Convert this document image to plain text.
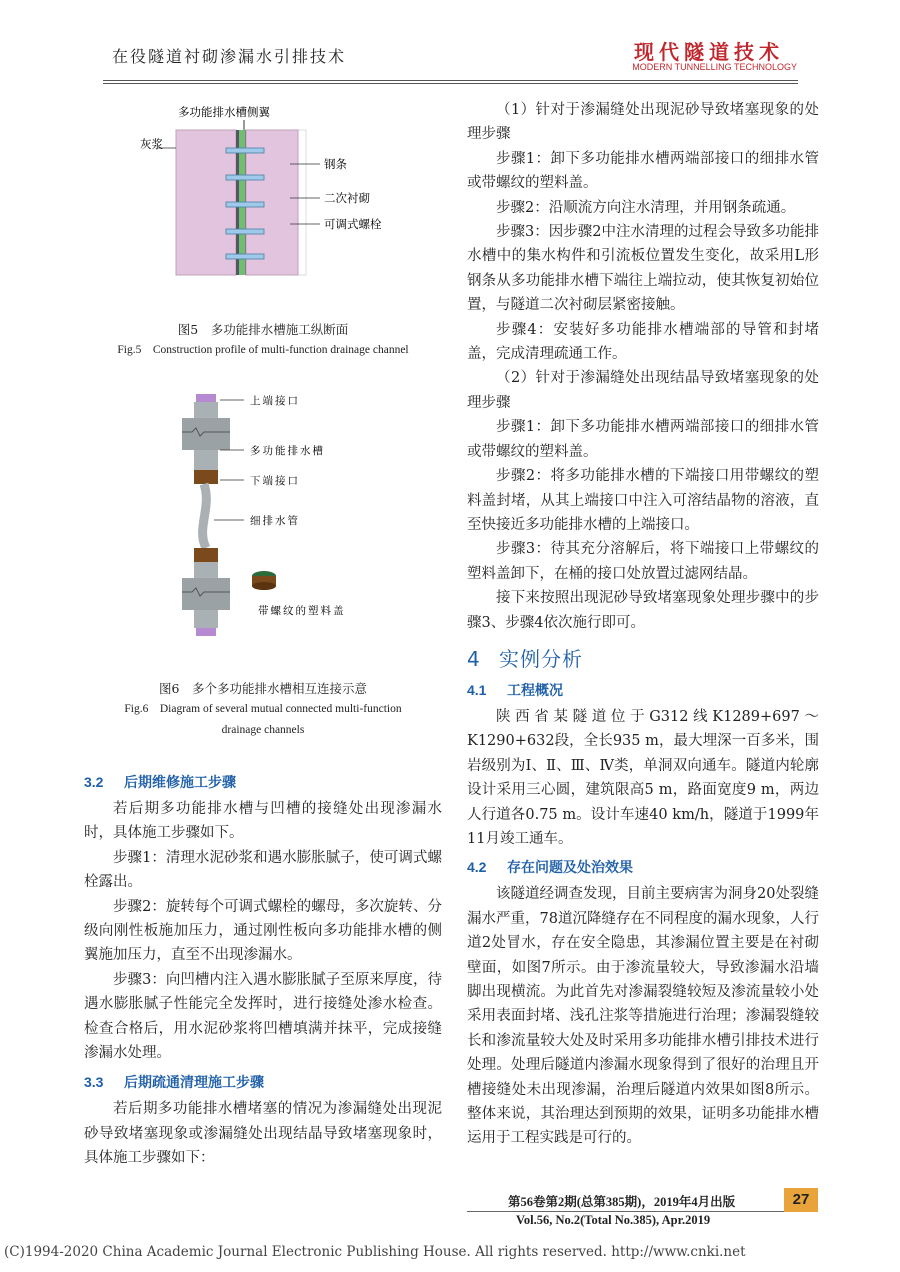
在役隧道衬砌渗漏水引排技术	现代隧道技术
MODERN TUNNELLING TECHNOLOGY
多功能排水槽侧翼
灰浆
钢条
二次衬砌
可调式螺栓
图5　多功能排水槽施工纵断面
Fig.5　Construction profile of multi-function drainage channel
上端接口
多功能排水槽
下端接口
细排水管
带螺纹的塑料盖
图6　多个多功能排水槽相互连接示意
Fig.6　Diagram of several mutual connected multi-function
drainage channels
3.2 后期维修施工步骤

若后期多功能排水槽与凹槽的接缝处出现渗漏水时，具体施工步骤如下。

步骤1：清理水泥砂浆和遇水膨胀腻子，使可调式螺栓露出。

步骤2：旋转每个可调式螺栓的螺母，多次旋转、分级向刚性板施加压力，通过刚性板向多功能排水槽的侧翼施加压力，直至不出现渗漏水。

步骤3：向凹槽内注入遇水膨胀腻子至原来厚度，待遇水膨胀腻子性能完全发挥时，进行接缝处渗水检查。检查合格后，用水泥砂浆将凹槽填满并抹平，完成接缝渗漏水处理。

3.3 后期疏通清理施工步骤

若后期多功能排水槽堵塞的情况为渗漏缝处出现泥砂导致堵塞现象或渗漏缝处出现结晶导致堵塞现象时，具体施工步骤如下：

（1）针对于渗漏缝处出现泥砂导致堵塞现象的处理步骤

步骤1：卸下多功能排水槽两端部接口的细排水管或带螺纹的塑料盖。

步骤2：沿顺流方向注水清理，并用钢条疏通。

步骤3：因步骤2中注水清理的过程会导致多功能排水槽中的集水构件和引流板位置发生变化，故采用L形钢条从多功能排水槽下端往上端拉动，使其恢复初始位置，与隧道二次衬砌层紧密接触。

步骤4：安装好多功能排水槽端部的导管和封堵盖，完成清理疏通工作。

（2）针对于渗漏缝处出现结晶导致堵塞现象的处理步骤

步骤1：卸下多功能排水槽两端部接口的细排水管或带螺纹的塑料盖。

步骤2：将多功能排水槽的下端接口用带螺纹的塑料盖封堵，从其上端接口中注入可溶结晶物的溶液，直至快接近多功能排水槽的上端接口。

步骤3：待其充分溶解后，将下端接口上带螺纹的塑料盖卸下，在桶的接口处放置过滤网结晶。

接下来按照出现泥砂导致堵塞现象处理步骤中的步骤3、步骤4依次施行即可。

4 实例分析
4.1 工程概况

陕西省某隧道位于G312线K1289+697～K1290+632段，全长935 m，最大埋深一百多米，围岩级别为Ⅰ、Ⅱ、Ⅲ、Ⅳ类，单洞双向通车。隧道内轮廓设计采用三心圆，建筑限高5 m，路面宽度9 m，两边人行道各0.75 m。设计车速40 km/h，隧道于1999年11月竣工通车。

4.2 存在问题及处治效果

该隧道经调查发现，目前主要病害为洞身20处裂缝漏水严重，78道沉降缝存在不同程度的漏水现象，人行道2处冒水，存在安全隐患，其渗漏位置主要是在衬砌壁面，如图7所示。由于渗流量较大，导致渗漏水沿墙脚出现横流。为此首先对渗漏裂缝较短及渗流量较小处采用表面封堵、浅孔注浆等措施进行治理；渗漏裂缝较长和渗流量较大处及时采用多功能排水槽引排技术进行处理。处理后隧道内渗漏水现象得到了很好的治理且开槽接缝处未出现渗漏，治理后隧道内效果如图8所示。整体来说，其治理达到预期的效果，证明多功能排水槽运用于工程实践是可行的。

第56卷第2期(总第385期)，2019年4月出版
Vol.56, No.2(Total No.385), Apr.2019
27
(C)1994-2020 China Academic Journal Electronic Publishing House. All rights reserved. http://www.cnki.net
